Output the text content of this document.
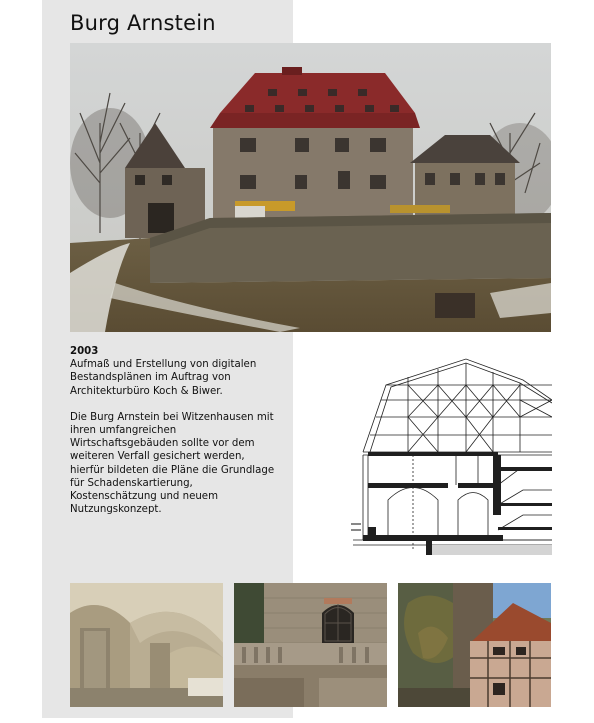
Burg Arnstein
2003
Aufmaß und Erstellung von digitalen Bestandsplänen im Auftrag von Architekturbüro Koch & Biwer.
Die Burg Arnstein bei Witzenhausen mit ihren umfangreichen Wirtschaftsgebäuden sollte vor dem weiteren Verfall gesichert werden, hierfür bildeten die Pläne die Grundlage für Schadenskartierung, Kostenschätzung und neuem Nutzungskonzept.
